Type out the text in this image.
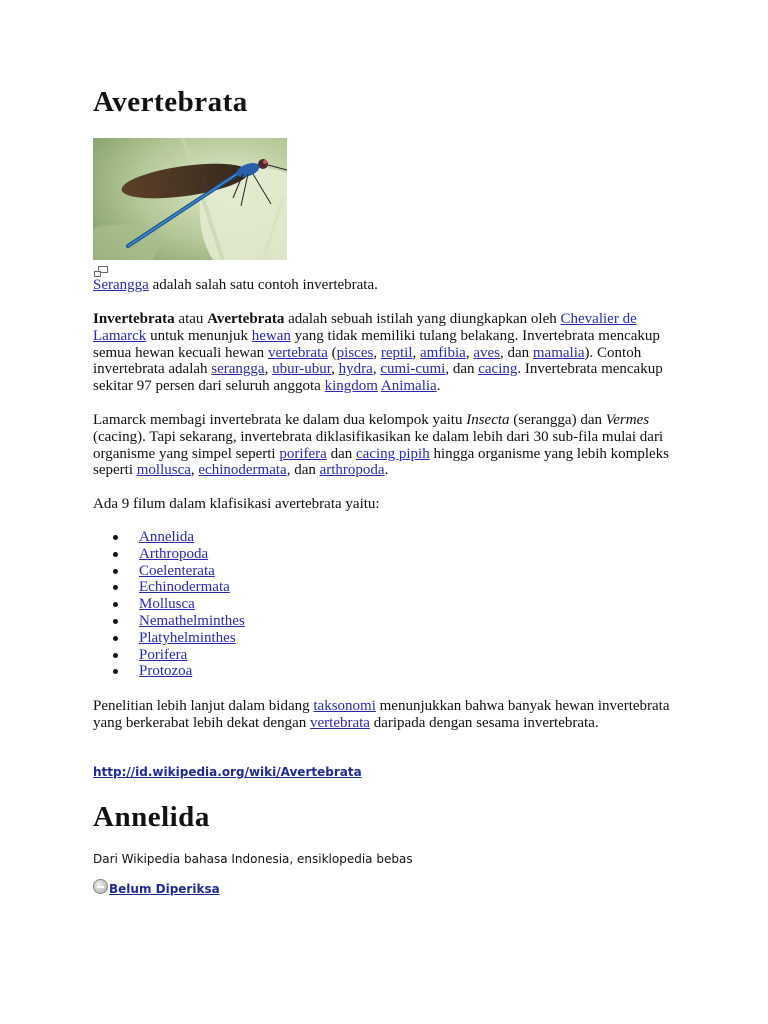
Avertebrata
Serangga adalah salah satu contoh invertebrata.

Invertebrata atau Avertebrata adalah sebuah istilah yang diungkapkan oleh Chevalier de Lamarck untuk menunjuk hewan yang tidak memiliki tulang belakang. Invertebrata mencakup semua hewan kecuali hewan vertebrata (pisces, reptil, amfibia, aves, dan mamalia). Contoh invertebrata adalah serangga, ubur-ubur, hydra, cumi-cumi, dan cacing. Invertebrata mencakup sekitar 97 persen dari seluruh anggota kingdom Animalia.

Lamarck membagi invertebrata ke dalam dua kelompok yaitu Insecta (serangga) dan Vermes (cacing). Tapi sekarang, invertebrata diklasifikasikan ke dalam lebih dari 30 sub-fila mulai dari organisme yang simpel seperti porifera dan cacing pipih hingga organisme yang lebih kompleks seperti mollusca, echinodermata, dan arthropoda.

Ada 9 filum dalam klafisikasi avertebrata yaitu:

Annelida
Arthropoda
Coelenterata
Echinodermata
Mollusca
Nemathelminthes
Platyhelminthes
Porifera
Protozoa

Penelitian lebih lanjut dalam bidang taksonomi menunjukkan bahwa banyak hewan invertebrata yang berkerabat lebih dekat dengan vertebrata daripada dengan sesama invertebrata.

http://id.wikipedia.org/wiki/Avertebrata
Annelida
Dari Wikipedia bahasa Indonesia, ensiklopedia bebas
Belum Diperiksa
